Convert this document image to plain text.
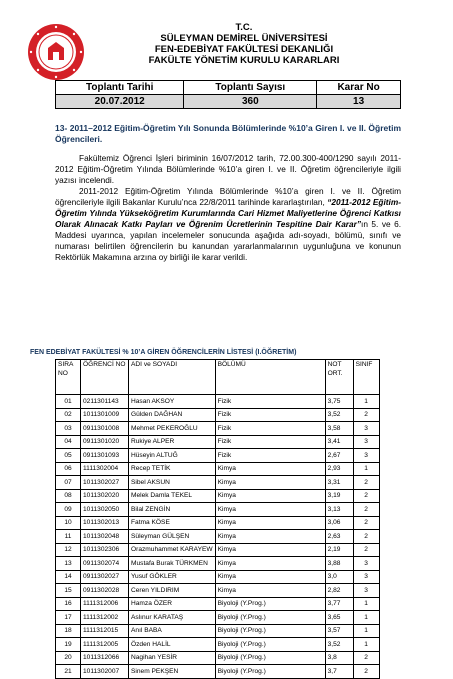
T.C.
SÜLEYMAN DEMİREL ÜNİVERSİTESİ
FEN-EDEBİYAT FAKÜLTESİ DEKANLIĞI
FAKÜLTE YÖNETİM KURULU KARARLARI
Toplantı Tarihi	Toplantı Sayısı	Karar No
20.07.2012	360	13
13- 2011–2012 Eğitim-Öğretim Yılı Sonunda Bölümlerinde %10’a Giren I. ve II. Öğretim Öğrencileri.
Fakültemiz Öğrenci İşleri biriminin 16/07/2012 tarih, 72.00.300-400/1290 sayılı 2011-2012 Eğitim-Öğretim Yılında Bölümlerinde %10’a giren I. ve II. Öğretim öğrencileriyle ilgili yazısı incelendi.
2011-2012 Eğitim-Öğretim Yılında Bölümlerinde %10’a giren I. ve II. Öğretim öğrencileriyle ilgili Bakanlar Kurulu’nca 22/8/2011 tarihinde kararlaştırılan, “2011-2012 Eğitim-Öğretim Yılında Yükseköğretim Kurumlarında Cari Hizmet Maliyetlerine Öğrenci Katkısı Olarak Alınacak Katkı Payları ve Öğrenim Ücretlerinin Tespitine Dair Karar”ın 5. ve 6. Maddesi uyarınca, yapılan incelemeler sonucunda aşağıda adı-soyadı, bölümü, sınıfı ve numarası belirtilen öğrencilerin bu kanundan yararlanmalarının uygunluğuna ve konunun Rektörlük Makamına arzına oy birliği ile karar verildi.
FEN EDEBİYAT FAKÜLTESİ % 10’A GİREN ÖĞRENCİLERİN LİSTESİ (I.ÖĞRETİM)
SIRA NO	ÖĞRENCİ NO	ADI ve SOYADI	BÖLÜMÜ	NOT ORT.	SINIF
01	0211301143	Hasan AKSOY	Fizik	3,75	1
02	1011301009	Gülden DAĞHAN	Fizik	3,52	2
03	0911301008	Mehmet PEKEROĞLU	Fizik	3,58	3
04	0911301020	Rukiye ALPER	Fizik	3,41	3
05	0911301093	Hüseyin ALTUĞ	Fizik	2,67	3
06	1111302004	Recep TETİK	Kimya	2,93	1
07	1011302027	Sibel AKSUN	Kimya	3,31	2
08	1011302020	Melek Damla TEKEL	Kimya	3,19	2
09	1011302050	Bilal ZENGİN	Kimya	3,13	2
10	1011302013	Fatma KÖSE	Kimya	3,06	2
11	1011302048	Süleyman GÜLŞEN	Kimya	2,63	2
12	1011302306	Orazmuhammet KARAYEW	Kimya	2,19	2
13	0911302074	Mustafa Burak TÜRKMEN	Kimya	3,88	3
14	0911302027	Yusuf GÖKLER	Kimya	3,0	3
15	0911302028	Ceren YILDIRIM	Kimya	2,82	3
16	1111312006	Hamza ÖZER	Biyoloji (Y.Prog.)	3,77	1
17	1111312002	Aslınur KARATAŞ	Biyoloji (Y.Prog.)	3,65	1
18	1111312015	Anıl BABA	Biyoloji (Y.Prog.)	3,57	1
19	1111312005	Özden HALİL	Biyoloji (Y.Prog.)	3,52	1
20	1011312066	Nagihan YESİR	Biyoloji (Y.Prog.)	3,8	2
21	1011302007	Sinem PEKŞEN	Biyoloji (Y.Prog.)	3,7	2
